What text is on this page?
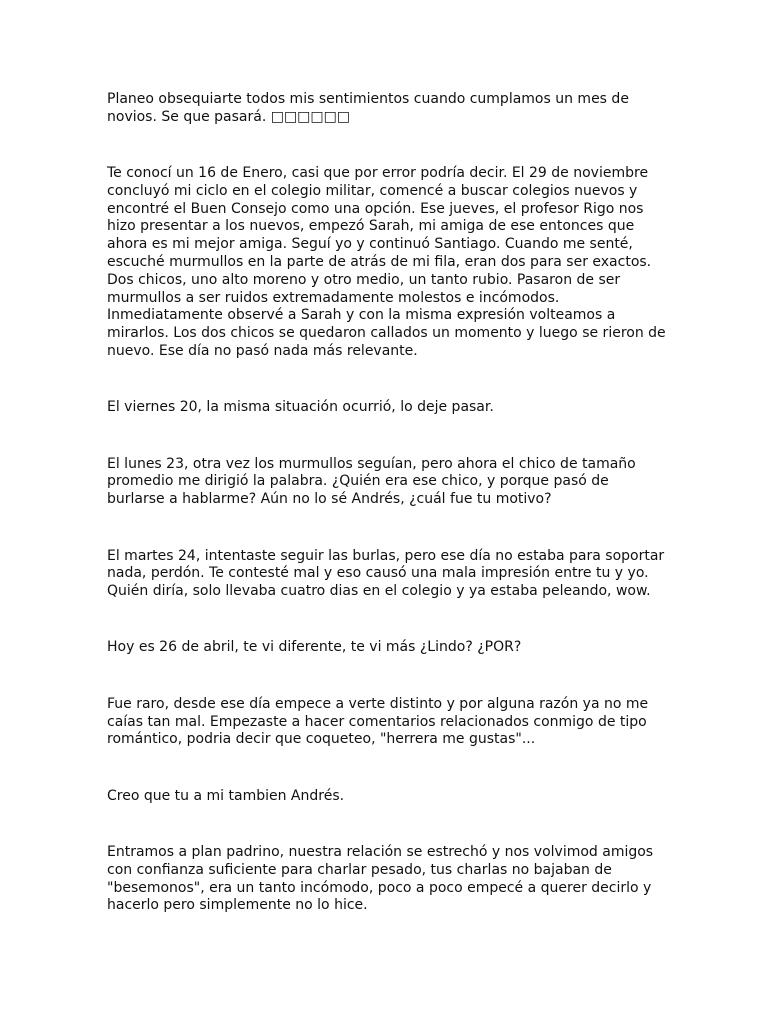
Planeo obsequiarte todos mis sentimientos cuando cumplamos un mes de novios. Se que pasará. □□□□□□

Te conocí un 16 de Enero, casi que por error podría decir. El 29 de noviembre concluyó mi ciclo en el colegio militar, comencé a buscar colegios nuevos y encontré el Buen Consejo como una opción. Ese jueves, el profesor Rigo nos hizo presentar a los nuevos, empezó Sarah, mi amiga de ese entonces que ahora es mi mejor amiga. Seguí yo y continuó Santiago. Cuando me senté, escuché murmullos en la parte de atrás de mi fila, eran dos para ser exactos. Dos chicos, uno alto moreno y otro medio, un tanto rubio. Pasaron de ser murmullos a ser ruidos extremadamente molestos e incómodos. Inmediatamente observé a Sarah y con la misma expresión volteamos a mirarlos. Los dos chicos se quedaron callados un momento y luego se rieron de nuevo. Ese día no pasó nada más relevante.

El viernes 20, la misma situación ocurrió, lo deje pasar.

El lunes 23, otra vez los murmullos seguían, pero ahora el chico de tamaño promedio me dirigió la palabra. ¿Quién era ese chico, y porque pasó de burlarse a hablarme? Aún no lo sé Andrés, ¿cuál fue tu motivo?

El martes 24, intentaste seguir las burlas, pero ese día no estaba para soportar nada, perdón. Te contesté mal y eso causó una mala impresión entre tu y yo. Quién diría, solo llevaba cuatro dias en el colegio y ya estaba peleando, wow.

Hoy es 26 de abril, te vi diferente, te vi más ¿Lindo? ¿POR?

Fue raro, desde ese día empece a verte distinto y por alguna razón ya no me caías tan mal. Empezaste a hacer comentarios relacionados conmigo de tipo romántico, podria decir que coqueteo, "herrera me gustas"...

Creo que tu a mi tambien Andrés.

Entramos a plan padrino, nuestra relación se estrechó y nos volvimod amigos con confianza suficiente para charlar pesado, tus charlas no bajaban de "besemonos", era un tanto incómodo, poco a poco empecé a querer decirlo y hacerlo pero simplemente no lo hice.
